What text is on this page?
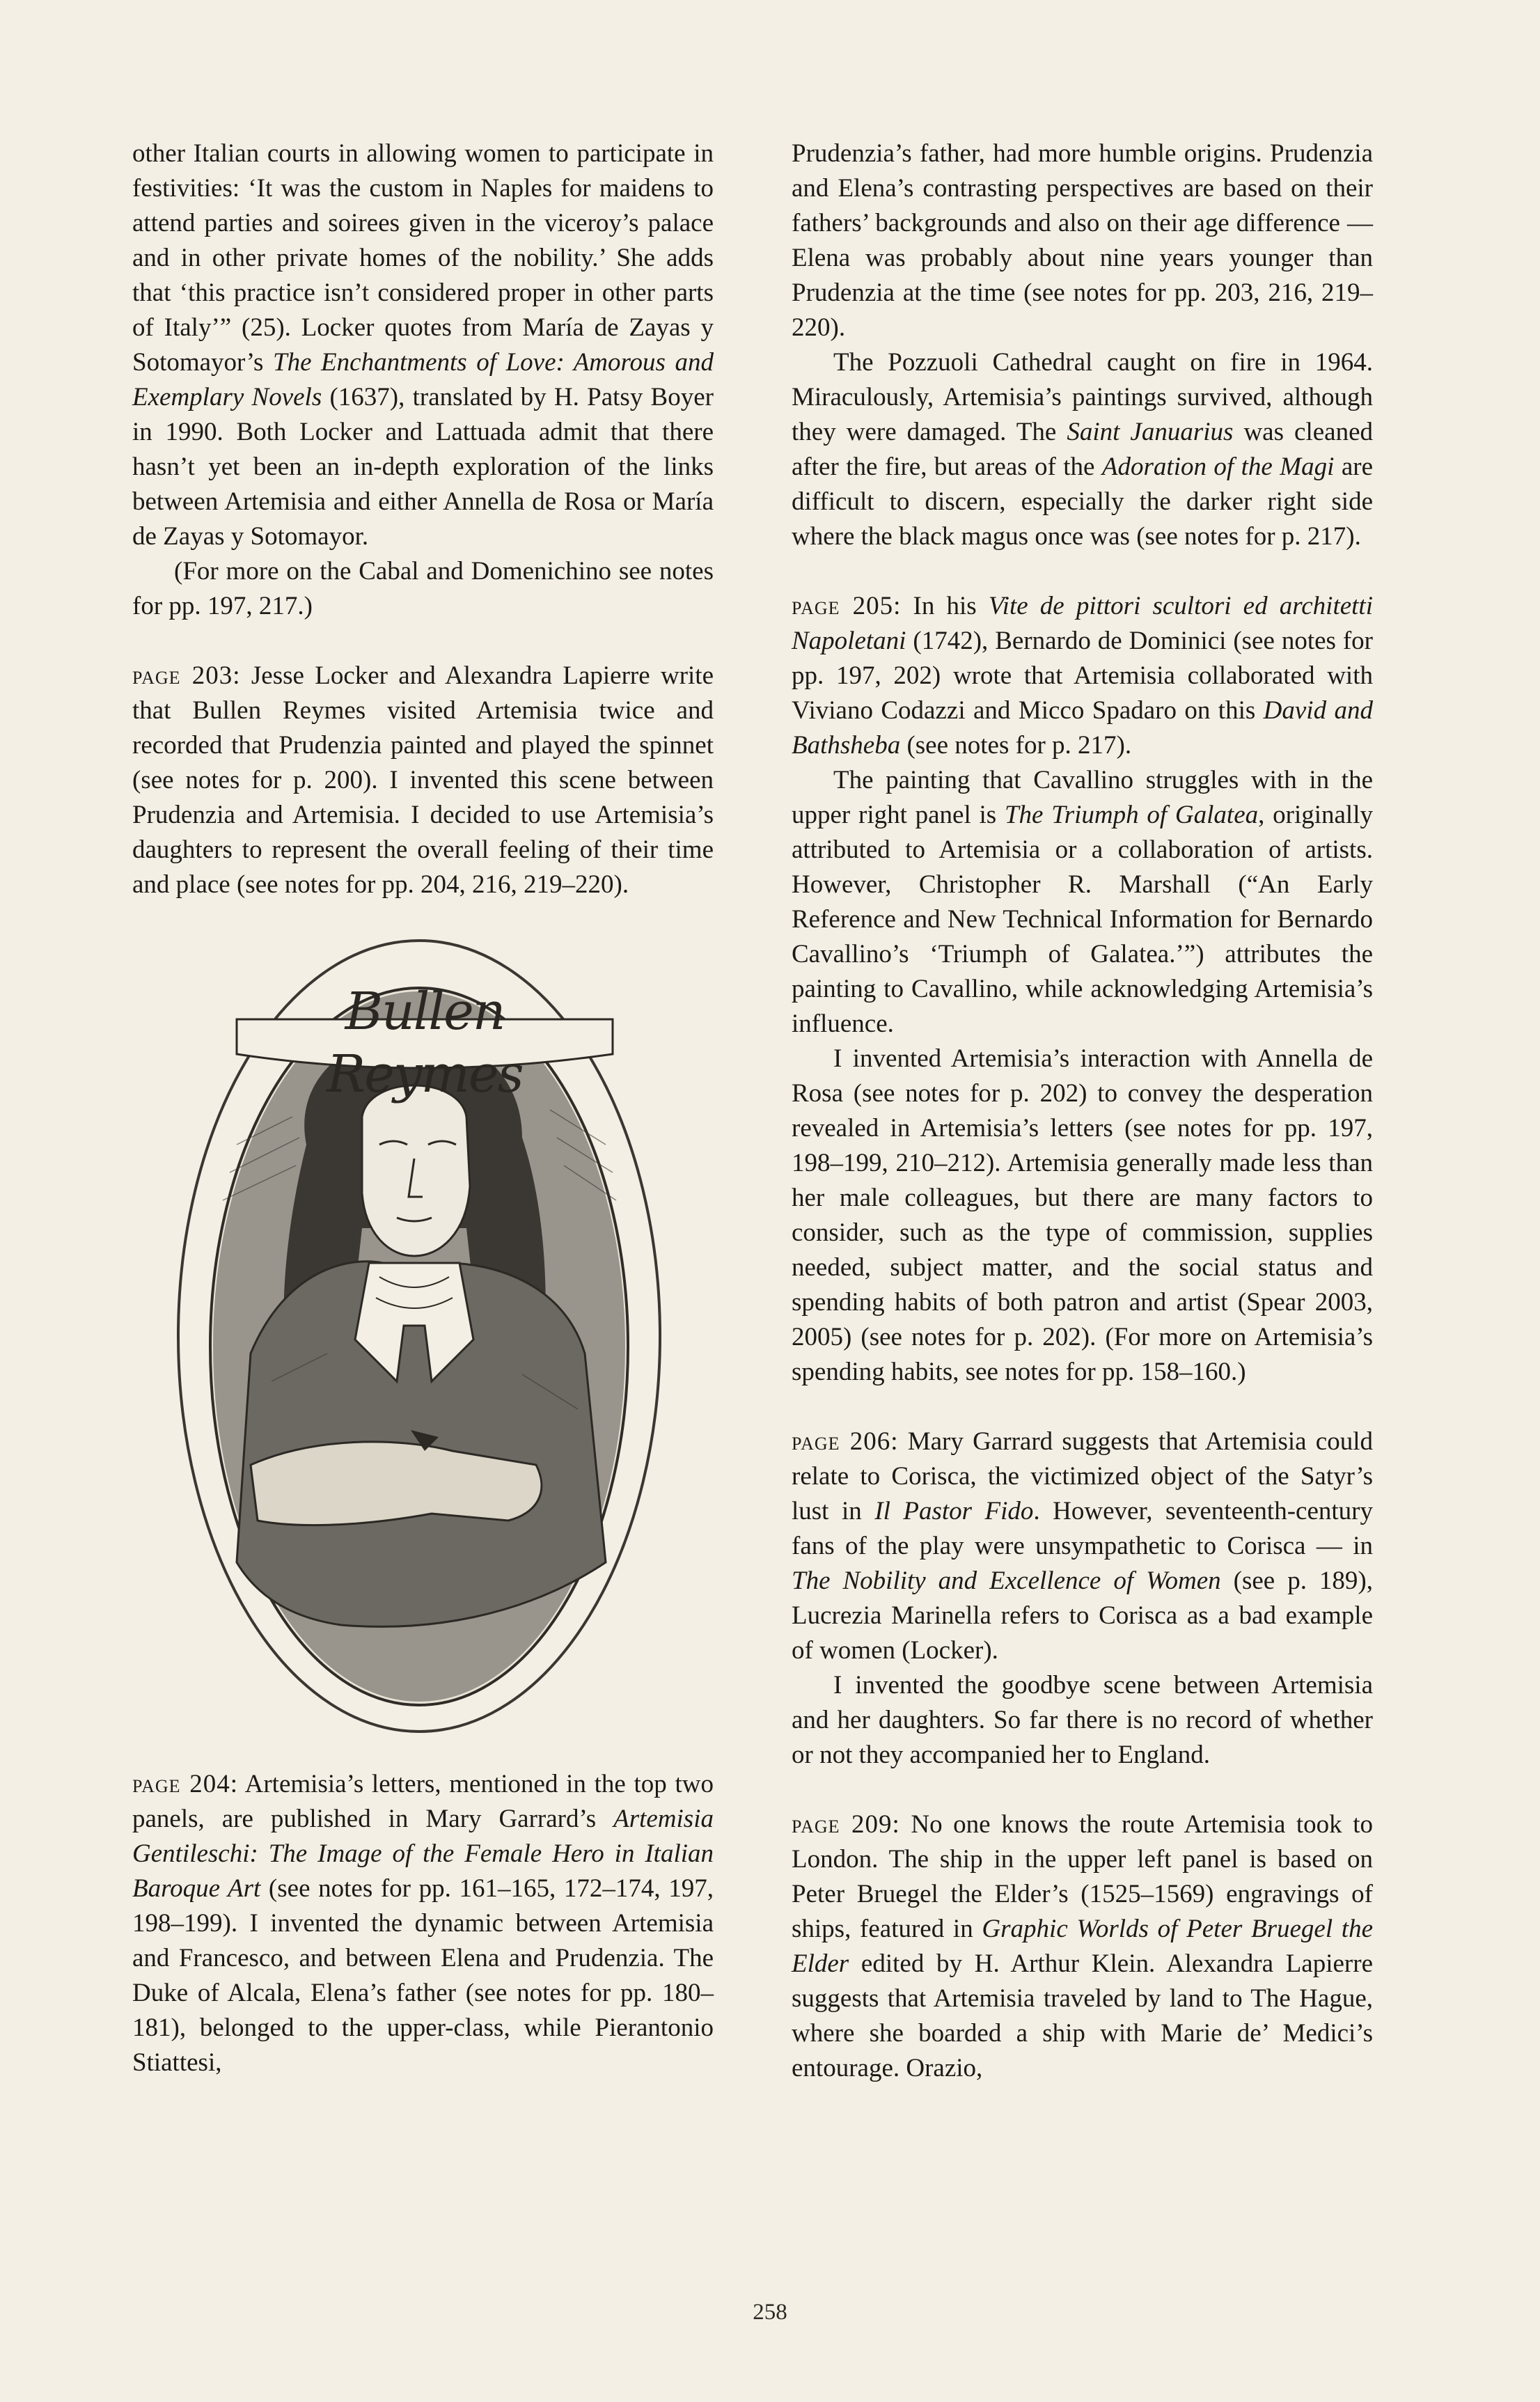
other Italian courts in allowing women to participate in festivities: ‘It was the custom in Naples for maidens to attend parties and soirees given in the viceroy’s palace and in other private homes of the nobility.’ She adds that ‘this practice isn’t considered proper in other parts of Italy’” (25). Locker quotes from María de Zayas y Sotomayor’s The Enchantments of Love: Amorous and Exemplary Novels (1637), translated by H. Patsy Boyer in 1990. Both Locker and Lattuada admit that there hasn’t yet been an in-depth exploration of the links between Artemisia and either Annella de Rosa or María de Zayas y Sotomayor.

(For more on the Cabal and Domenichino see notes for pp. 197, 217.)

page 203: Jesse Locker and Alexandra Lapierre write that Bullen Reymes visited Artemisia twice and recorded that Prudenzia painted and played the spinnet (see notes for p. 200). I invented this scene between Prudenzia and Artemisia. I decided to use Artemisia’s daughters to represent the overall feeling of their time and place (see notes for pp. 204, 216, 219–220).

Bullen Reymes

page 204: Artemisia’s letters, mentioned in the top two panels, are published in Mary Garrard’s Artemisia Gentileschi: The Image of the Female Hero in Italian Baroque Art (see notes for pp. 161–165, 172–174, 197, 198–199). I invented the dynamic between Artemisia and Francesco, and between Elena and Prudenzia. The Duke of Alcala, Elena’s father (see notes for pp. 180–181), belonged to the upper-class, while Pierantonio Stiattesi,

Prudenzia’s father, had more humble origins. Prudenzia and Elena’s contrasting perspectives are based on their fathers’ backgrounds and also on their age difference — Elena was probably about nine years younger than Prudenzia at the time (see notes for pp. 203, 216, 219–220).

The Pozzuoli Cathedral caught on fire in 1964. Miraculously, Artemisia’s paintings survived, although they were damaged. The Saint Januarius was cleaned after the fire, but areas of the Adoration of the Magi are difficult to discern, especially the darker right side where the black magus once was (see notes for p. 217).

page 205: In his Vite de pittori scultori ed architetti Napoletani (1742), Bernardo de Dominici (see notes for pp. 197, 202) wrote that Artemisia collaborated with Viviano Codazzi and Micco Spadaro on this David and Bathsheba (see notes for p. 217).

The painting that Cavallino struggles with in the upper right panel is The Triumph of Galatea, originally attributed to Artemisia or a collaboration of artists. However, Christopher R. Marshall (“An Early Reference and New Technical Information for Bernardo Cavallino’s ‘Triumph of Galatea.’”) attributes the painting to Cavallino, while acknowledging Artemisia’s influence.

I invented Artemisia’s interaction with Annella de Rosa (see notes for p. 202) to convey the desperation revealed in Artemisia’s letters (see notes for pp. 197, 198–199, 210–212). Artemisia generally made less than her male colleagues, but there are many factors to consider, such as the type of commission, supplies needed, subject matter, and the social status and spending habits of both patron and artist (Spear 2003, 2005) (see notes for p. 202). (For more on Artemisia’s spending habits, see notes for pp. 158–160.)

page 206: Mary Garrard suggests that Artemisia could relate to Corisca, the victimized object of the Satyr’s lust in Il Pastor Fido. However, seventeenth-century fans of the play were unsympathetic to Corisca — in The Nobility and Excellence of Women (see p. 189), Lucrezia Marinella refers to Corisca as a bad example of women (Locker).

I invented the goodbye scene between Artemisia and her daughters. So far there is no record of whether or not they accompanied her to England.

page 209: No one knows the route Artemisia took to London. The ship in the upper left panel is based on Peter Bruegel the Elder’s (1525–1569) engravings of ships, featured in Graphic Worlds of Peter Bruegel the Elder edited by H. Arthur Klein. Alexandra Lapierre suggests that Artemisia traveled by land to The Hague, where she boarded a ship with Marie de’ Medici’s entourage. Orazio,

258
